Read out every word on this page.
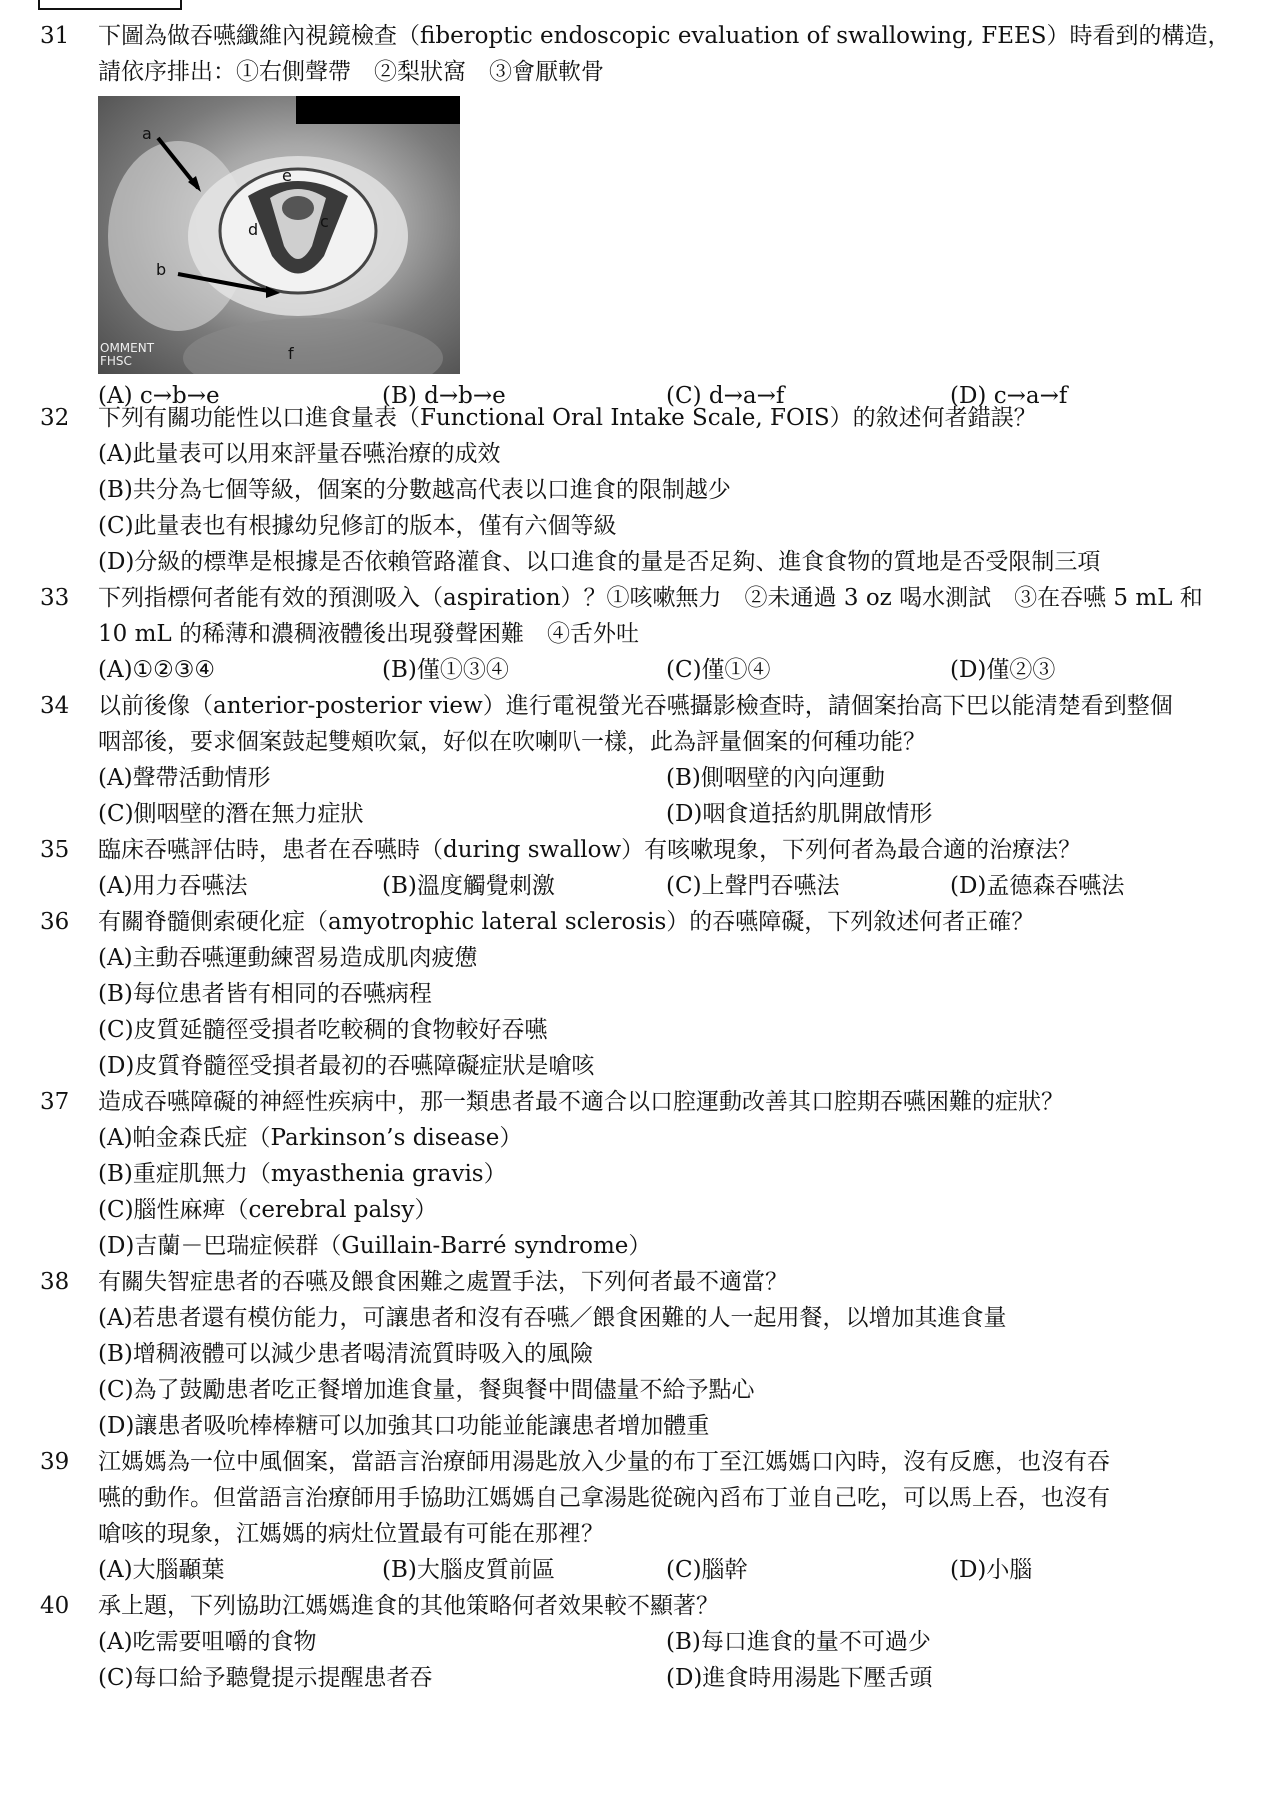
31	下圖為做吞嚥纖維內視鏡檢查（fiberoptic endoscopic evaluation of swallowing, FEES）時看到的構造，
請依序排出：①右側聲帶　②梨狀窩　③會厭軟骨
a
b
c
d
e
f
OMMENT
FHSC
(A) c→b→e	(B) d→b→e	(C) d→a→f	(D) c→a→f
32	下列有關功能性以口進食量表（Functional Oral Intake Scale, FOIS）的敘述何者錯誤？
(A)此量表可以用來評量吞嚥治療的成效
(B)共分為七個等級，個案的分數越高代表以口進食的限制越少
(C)此量表也有根據幼兒修訂的版本，僅有六個等級
(D)分級的標準是根據是否依賴管路灌食、以口進食的量是否足夠、進食食物的質地是否受限制三項
33	下列指標何者能有效的預測吸入（aspiration）？①咳嗽無力　②未通過 3 oz 喝水測試　③在吞嚥 5 mL 和
10 mL 的稀薄和濃稠液體後出現發聲困難　④舌外吐
(A)①②③④	(B)僅①③④	(C)僅①④	(D)僅②③
34	以前後像（anterior-posterior view）進行電視螢光吞嚥攝影檢查時，請個案抬高下巴以能清楚看到整個
咽部後，要求個案鼓起雙頰吹氣，好似在吹喇叭一樣，此為評量個案的何種功能？
(A)聲帶活動情形	(B)側咽壁的內向運動
(C)側咽壁的潛在無力症狀	(D)咽食道括約肌開啟情形
35	臨床吞嚥評估時，患者在吞嚥時（during swallow）有咳嗽現象，下列何者為最合適的治療法？
(A)用力吞嚥法	(B)溫度觸覺刺激	(C)上聲門吞嚥法	(D)孟德森吞嚥法
36	有關脊髓側索硬化症（amyotrophic lateral sclerosis）的吞嚥障礙，下列敘述何者正確？
(A)主動吞嚥運動練習易造成肌肉疲憊
(B)每位患者皆有相同的吞嚥病程
(C)皮質延髓徑受損者吃較稠的食物較好吞嚥
(D)皮質脊髓徑受損者最初的吞嚥障礙症狀是嗆咳
37	造成吞嚥障礙的神經性疾病中，那一類患者最不適合以口腔運動改善其口腔期吞嚥困難的症狀？
(A)帕金森氏症（Parkinson’s disease）
(B)重症肌無力（myasthenia gravis）
(C)腦性麻痺（cerebral palsy）
(D)吉蘭－巴瑞症候群（Guillain-Barré syndrome）
38	有關失智症患者的吞嚥及餵食困難之處置手法，下列何者最不適當？
(A)若患者還有模仿能力，可讓患者和沒有吞嚥／餵食困難的人一起用餐，以增加其進食量
(B)增稠液體可以減少患者喝清流質時吸入的風險
(C)為了鼓勵患者吃正餐增加進食量，餐與餐中間儘量不給予點心
(D)讓患者吸吮棒棒糖可以加強其口功能並能讓患者增加體重
39	江媽媽為一位中風個案，當語言治療師用湯匙放入少量的布丁至江媽媽口內時，沒有反應，也沒有吞
嚥的動作。但當語言治療師用手協助江媽媽自己拿湯匙從碗內舀布丁並自己吃，可以馬上吞，也沒有
嗆咳的現象，江媽媽的病灶位置最有可能在那裡？
(A)大腦顳葉	(B)大腦皮質前區	(C)腦幹	(D)小腦
40	承上題，下列協助江媽媽進食的其他策略何者效果較不顯著？
(A)吃需要咀嚼的食物	(B)每口進食的量不可過少
(C)每口給予聽覺提示提醒患者吞	(D)進食時用湯匙下壓舌頭
